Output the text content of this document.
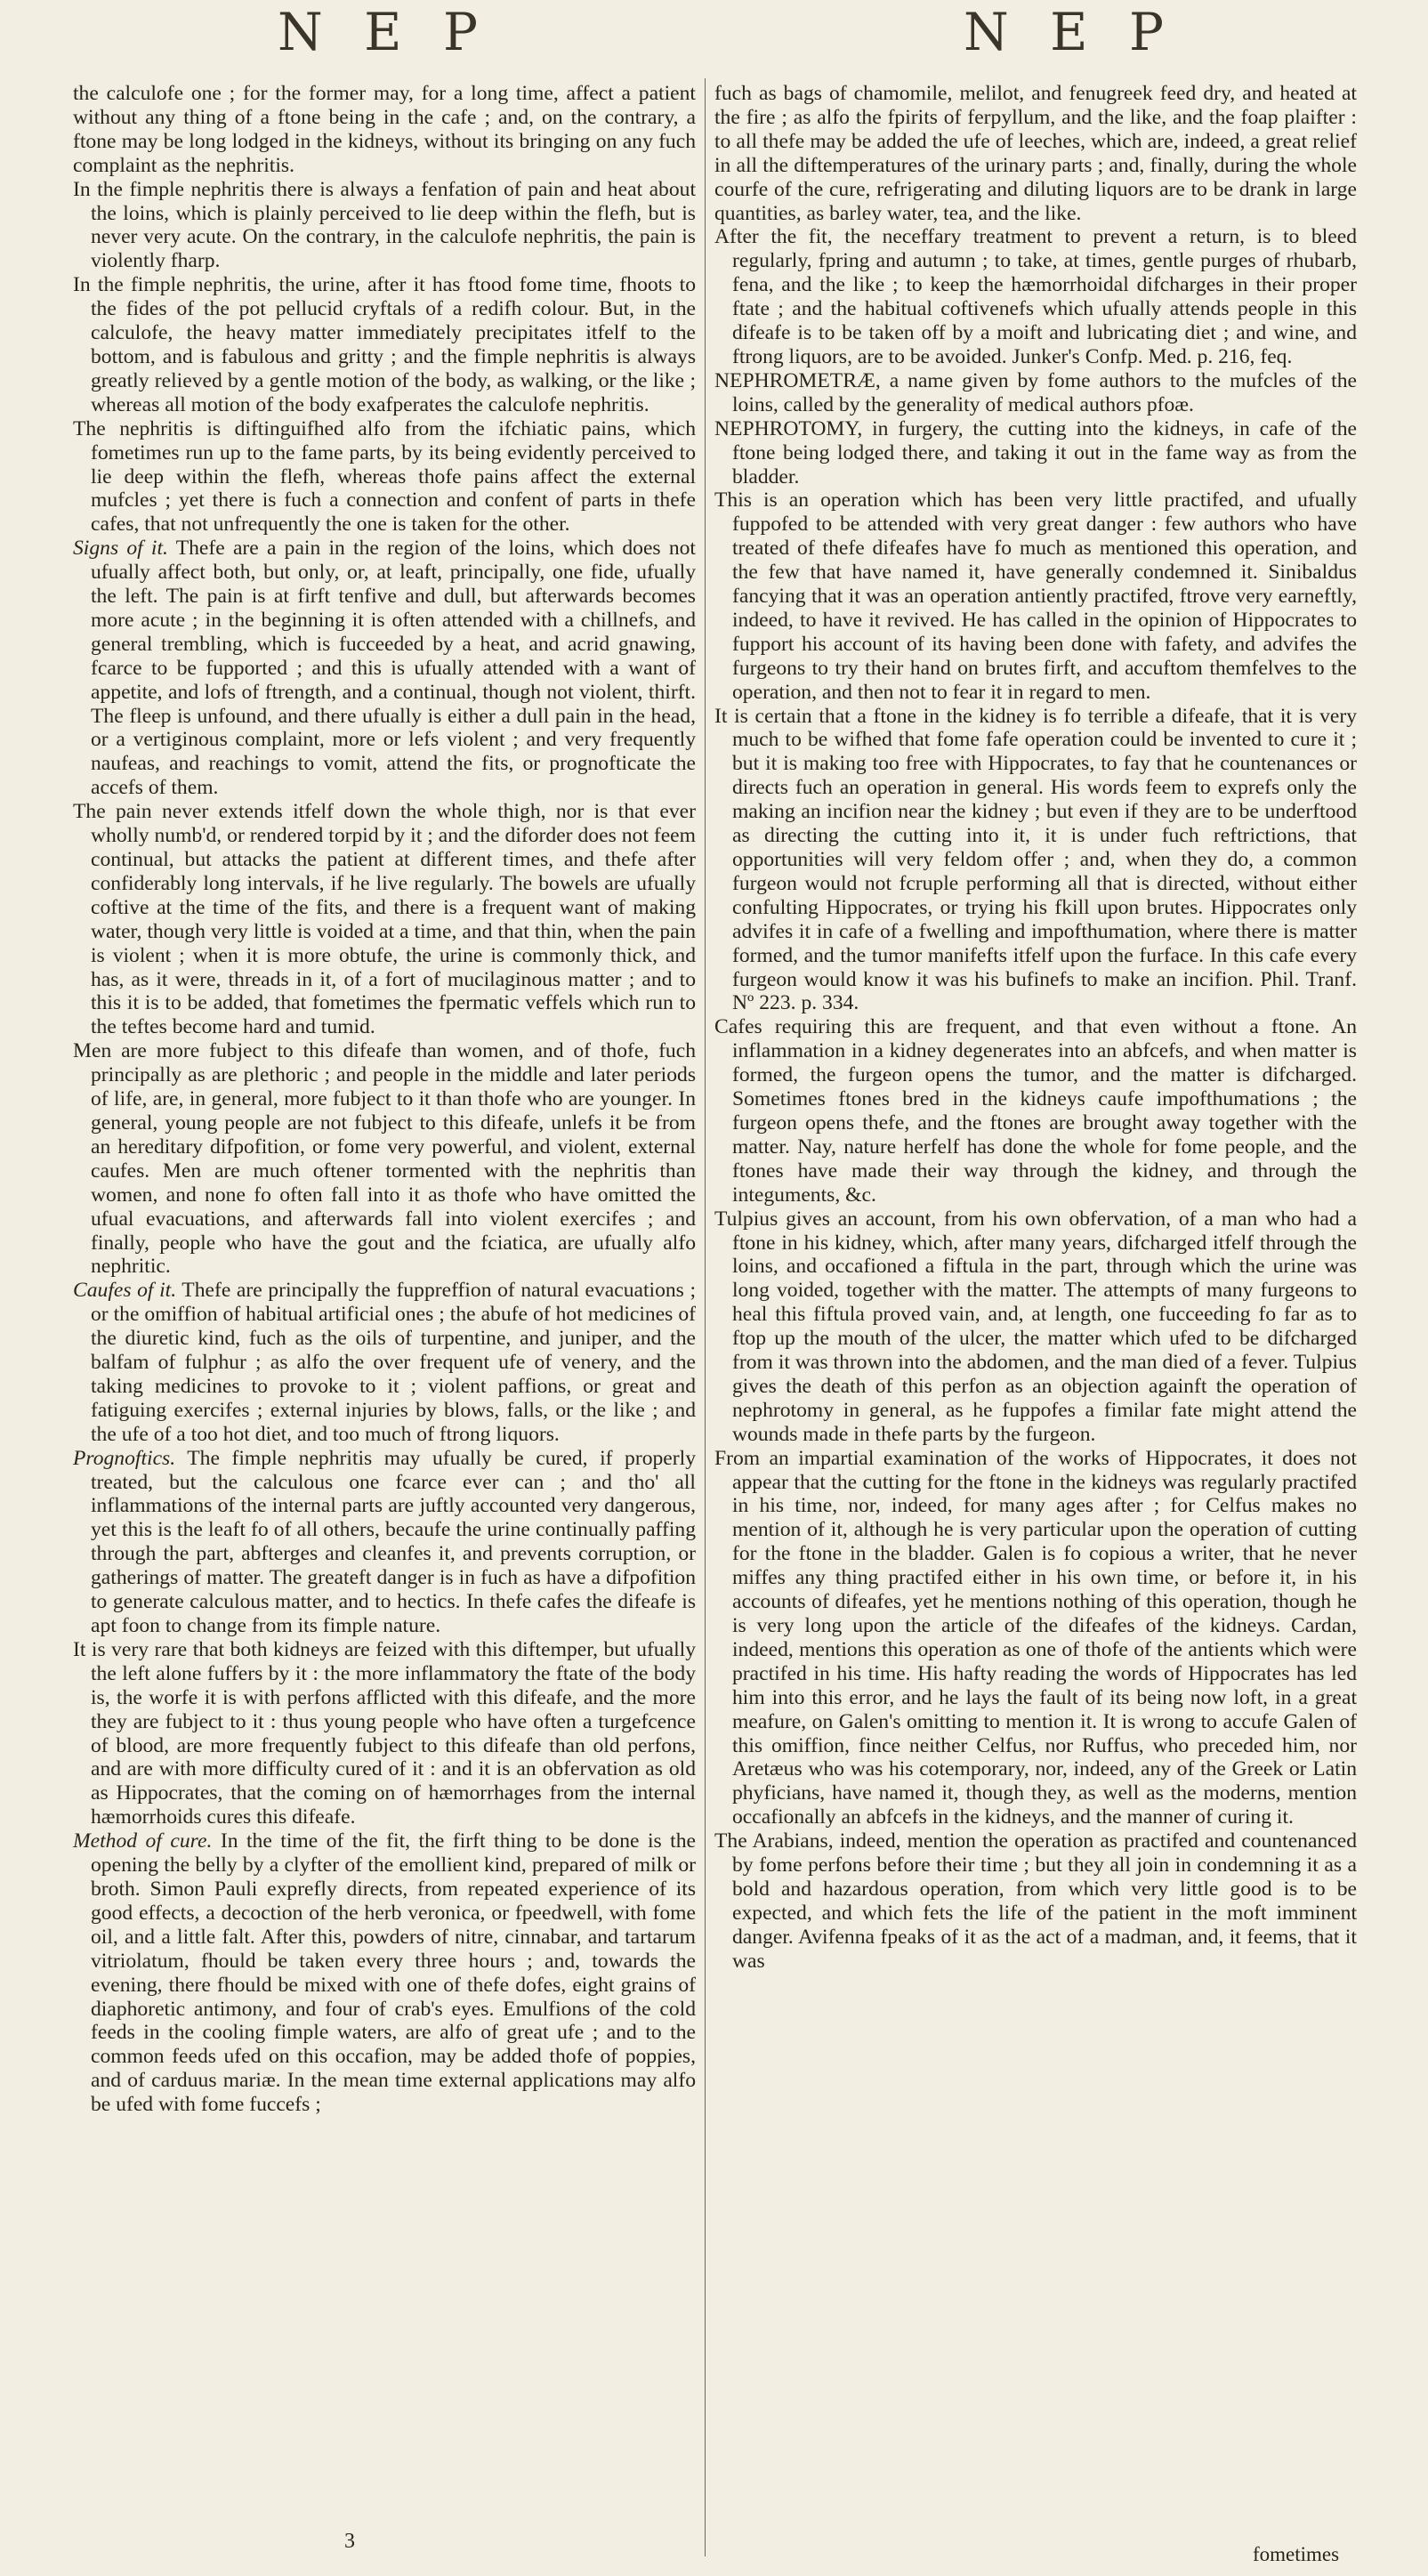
N E P	N E P

the calculofe one ; for the former may, for a long time, affect a patient without any thing of a ftone being in the cafe ; and, on the contrary, a ftone may be long lodged in the kidneys, without its bringing on any fuch complaint as the nephritis.

In the fimple nephritis there is always a fenfation of pain and heat about the loins, which is plainly perceived to lie deep within the flefh, but is never very acute. On the contrary, in the calculofe nephritis, the pain is violently fharp.

In the fimple nephritis, the urine, after it has ftood fome time, fhoots to the fides of the pot pellucid cryftals of a redifh colour. But, in the calculofe, the heavy matter immediately precipitates itfelf to the bottom, and is fabulous and gritty ; and the fimple nephritis is always greatly relieved by a gentle motion of the body, as walking, or the like ; whereas all motion of the body exafperates the calculofe nephritis.

The nephritis is diftinguifhed alfo from the ifchiatic pains, which fometimes run up to the fame parts, by its being evidently perceived to lie deep within the flefh, whereas thofe pains affect the external mufcles ; yet there is fuch a connection and confent of parts in thefe cafes, that not unfrequently the one is taken for the other.

Signs of it. Thefe are a pain in the region of the loins, which does not ufually affect both, but only, or, at leaft, principally, one fide, ufually the left. The pain is at firft tenfive and dull, but afterwards becomes more acute ; in the beginning it is often attended with a chillnefs, and general trembling, which is fucceeded by a heat, and acrid gnawing, fcarce to be fupported ; and this is ufually attended with a want of appetite, and lofs of ftrength, and a continual, though not violent, thirft. The fleep is unfound, and there ufually is either a dull pain in the head, or a vertiginous complaint, more or lefs violent ; and very frequently naufeas, and reachings to vomit, attend the fits, or prognofticate the accefs of them.

The pain never extends itfelf down the whole thigh, nor is that ever wholly numb'd, or rendered torpid by it ; and the diforder does not feem continual, but attacks the patient at different times, and thefe after confiderably long intervals, if he live regularly. The bowels are ufually coftive at the time of the fits, and there is a frequent want of making water, though very little is voided at a time, and that thin, when the pain is violent ; when it is more obtufe, the urine is commonly thick, and has, as it were, threads in it, of a fort of mucilaginous matter ; and to this it is to be added, that fometimes the fpermatic veffels which run to the teftes become hard and tumid.

Men are more fubject to this difeafe than women, and of thofe, fuch principally as are plethoric ; and people in the middle and later periods of life, are, in general, more fubject to it than thofe who are younger. In general, young people are not fubject to this difeafe, unlefs it be from an hereditary difpofition, or fome very powerful, and violent, external caufes. Men are much oftener tormented with the nephritis than women, and none fo often fall into it as thofe who have omitted the ufual evacuations, and afterwards fall into violent exercifes ; and finally, people who have the gout and the fciatica, are ufually alfo nephritic.

Caufes of it. Thefe are principally the fuppreffion of natural evacuations ; or the omiffion of habitual artificial ones ; the abufe of hot medicines of the diuretic kind, fuch as the oils of turpentine, and juniper, and the balfam of fulphur ; as alfo the over frequent ufe of venery, and the taking medicines to provoke to it ; violent paffions, or great and fatiguing exercifes ; external injuries by blows, falls, or the like ; and the ufe of a too hot diet, and too much of ftrong liquors.

Prognoftics. The fimple nephritis may ufually be cured, if properly treated, but the calculous one fcarce ever can ; and tho' all inflammations of the internal parts are juftly accounted very dangerous, yet this is the leaft fo of all others, becaufe the urine continually paffing through the part, abfterges and cleanfes it, and prevents corruption, or gatherings of matter. The greateft danger is in fuch as have a difpofition to generate calculous matter, and to hectics. In thefe cafes the difeafe is apt foon to change from its fimple nature.

It is very rare that both kidneys are feized with this diftemper, but ufually the left alone fuffers by it : the more inflammatory the ftate of the body is, the worfe it is with perfons afflicted with this difeafe, and the more they are fubject to it : thus young people who have often a turgefcence of blood, are more frequently fubject to this difeafe than old perfons, and are with more difficulty cured of it : and it is an obfervation as old as Hippocrates, that the coming on of hæmorrhages from the internal hæmorrhoids cures this difeafe.

Method of cure. In the time of the fit, the firft thing to be done is the opening the belly by a clyfter of the emollient kind, prepared of milk or broth. Simon Pauli exprefly directs, from repeated experience of its good effects, a decoction of the herb veronica, or fpeedwell, with fome oil, and a little falt. After this, powders of nitre, cinnabar, and tartarum vitriolatum, fhould be taken every three hours ; and, towards the evening, there fhould be mixed with one of thefe dofes, eight grains of diaphoretic antimony, and four of crab's eyes. Emulfions of the cold feeds in the cooling fimple waters, are alfo of great ufe ; and to the common feeds ufed on this occafion, may be added thofe of poppies, and of carduus mariæ. In the mean time external applications may alfo be ufed with fome fuccefs ;

fuch as bags of chamomile, melilot, and fenugreek feed dry, and heated at the fire ; as alfo the fpirits of ferpyllum, and the like, and the foap plaifter : to all thefe may be added the ufe of leeches, which are, indeed, a great relief in all the diftemperatures of the urinary parts ; and, finally, during the whole courfe of the cure, refrigerating and diluting liquors are to be drank in large quantities, as barley water, tea, and the like.

After the fit, the neceffary treatment to prevent a return, is to bleed regularly, fpring and autumn ; to take, at times, gentle purges of rhubarb, fena, and the like ; to keep the hæmorrhoidal difcharges in their proper ftate ; and the habitual coftivenefs which ufually attends people in this difeafe is to be taken off by a moift and lubricating diet ; and wine, and ftrong liquors, are to be avoided. Junker's Confp. Med. p. 216, feq.

NEPHROMETRÆ, a name given by fome authors to the mufcles of the loins, called by the generality of medical authors pfoæ.

NEPHROTOMY, in furgery, the cutting into the kidneys, in cafe of the ftone being lodged there, and taking it out in the fame way as from the bladder.

This is an operation which has been very little practifed, and ufually fuppofed to be attended with very great danger : few authors who have treated of thefe difeafes have fo much as mentioned this operation, and the few that have named it, have generally condemned it. Sinibaldus fancying that it was an operation antiently practifed, ftrove very earneftly, indeed, to have it revived. He has called in the opinion of Hippocrates to fupport his account of its having been done with fafety, and advifes the furgeons to try their hand on brutes firft, and accuftom themfelves to the operation, and then not to fear it in regard to men.

It is certain that a ftone in the kidney is fo terrible a difeafe, that it is very much to be wifhed that fome fafe operation could be invented to cure it ; but it is making too free with Hippocrates, to fay that he countenances or directs fuch an operation in general. His words feem to exprefs only the making an incifion near the kidney ; but even if they are to be underftood as directing the cutting into it, it is under fuch reftrictions, that opportunities will very feldom offer ; and, when they do, a common furgeon would not fcruple performing all that is directed, without either confulting Hippocrates, or trying his fkill upon brutes. Hippocrates only advifes it in cafe of a fwelling and impofthumation, where there is matter formed, and the tumor manifefts itfelf upon the furface. In this cafe every furgeon would know it was his bufinefs to make an incifion. Phil. Tranf. Nº 223. p. 334.

Cafes requiring this are frequent, and that even without a ftone. An inflammation in a kidney degenerates into an abfcefs, and when matter is formed, the furgeon opens the tumor, and the matter is difcharged. Sometimes ftones bred in the kidneys caufe impofthumations ; the furgeon opens thefe, and the ftones are brought away together with the matter. Nay, nature herfelf has done the whole for fome people, and the ftones have made their way through the kidney, and through the integuments, &c.

Tulpius gives an account, from his own obfervation, of a man who had a ftone in his kidney, which, after many years, difcharged itfelf through the loins, and occafioned a fiftula in the part, through which the urine was long voided, together with the matter. The attempts of many furgeons to heal this fiftula proved vain, and, at length, one fucceeding fo far as to ftop up the mouth of the ulcer, the matter which ufed to be difcharged from it was thrown into the abdomen, and the man died of a fever. Tulpius gives the death of this perfon as an objection againft the operation of nephrotomy in general, as he fuppofes a fimilar fate might attend the wounds made in thefe parts by the furgeon.

From an impartial examination of the works of Hippocrates, it does not appear that the cutting for the ftone in the kidneys was regularly practifed in his time, nor, indeed, for many ages after ; for Celfus makes no mention of it, although he is very particular upon the operation of cutting for the ftone in the bladder. Galen is fo copious a writer, that he never miffes any thing practifed either in his own time, or before it, in his accounts of difeafes, yet he mentions nothing of this operation, though he is very long upon the article of the difeafes of the kidneys. Cardan, indeed, mentions this operation as one of thofe of the antients which were practifed in his time. His hafty reading the words of Hippocrates has led him into this error, and he lays the fault of its being now loft, in a great meafure, on Galen's omitting to mention it. It is wrong to accufe Galen of this omiffion, fince neither Celfus, nor Ruffus, who preceded him, nor Aretæus who was his cotemporary, nor, indeed, any of the Greek or Latin phyficians, have named it, though they, as well as the moderns, mention occafionally an abfcefs in the kidneys, and the manner of curing it.

The Arabians, indeed, mention the operation as practifed and countenanced by fome perfons before their time ; but they all join in condemning it as a bold and hazardous operation, from which very little good is to be expected, and which fets the life of the patient in the moft imminent danger. Avifenna fpeaks of it as the act of a madman, and, it feems, that it was

3
fometimes
